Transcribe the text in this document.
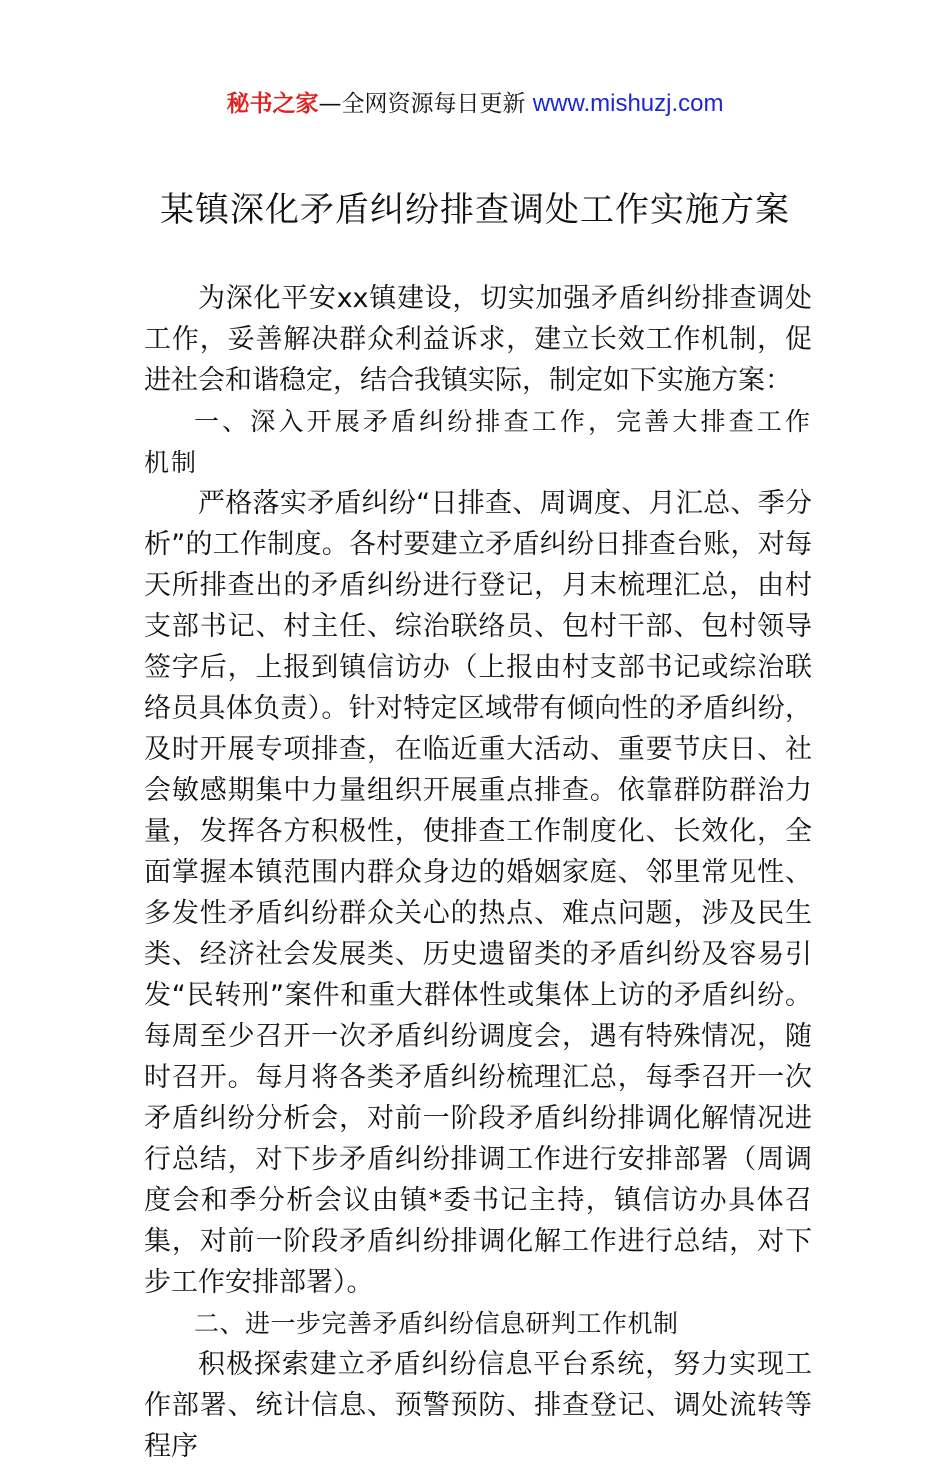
秘书之家—全网资源每日更新 www.mishuzj.com
某镇深化矛盾纠纷排查调处工作实施方案

为深化平安xx镇建设，切实加强矛盾纠纷排查调处工作，妥善解决群众利益诉求，建立长效工作机制，促进社会和谐稳定，结合我镇实际，制定如下实施方案：

一、深入开展矛盾纠纷排查工作，完善大排查工作机制

严格落实矛盾纠纷“日排查、周调度、月汇总、季分析”的工作制度。各村要建立矛盾纠纷日排查台账，对每天所排查出的矛盾纠纷进行登记，月末梳理汇总，由村支部书记、村主任、综治联络员、包村干部、包村领导签字后，上报到镇信访办（上报由村支部书记或综治联络员具体负责）。针对特定区域带有倾向性的矛盾纠纷，及时开展专项排查，在临近重大活动、重要节庆日、社会敏感期集中力量组织开展重点排查。依靠群防群治力量，发挥各方积极性，使排查工作制度化、长效化，全面掌握本镇范围内群众身边的婚姻家庭、邻里常见性、多发性矛盾纠纷群众关心的热点、难点问题，涉及民生类、经济社会发展类、历史遗留类的矛盾纠纷及容易引发“民转刑”案件和重大群体性或集体上访的矛盾纠纷。每周至少召开一次矛盾纠纷调度会，遇有特殊情况，随时召开。每月将各类矛盾纠纷梳理汇总，每季召开一次矛盾纠纷分析会，对前一阶段矛盾纠纷排调化解情况进行总结，对下步矛盾纠纷排调工作进行安排部署（周调度会和季分析会议由镇*委书记主持，镇信访办具体召集，对前一阶段矛盾纠纷排调化解工作进行总结，对下步工作安排部署）。

二、进一步完善矛盾纠纷信息研判工作机制

积极探索建立矛盾纠纷信息平台系统，努力实现工作部署、统计信息、预警预防、排查登记、调处流转等程序
